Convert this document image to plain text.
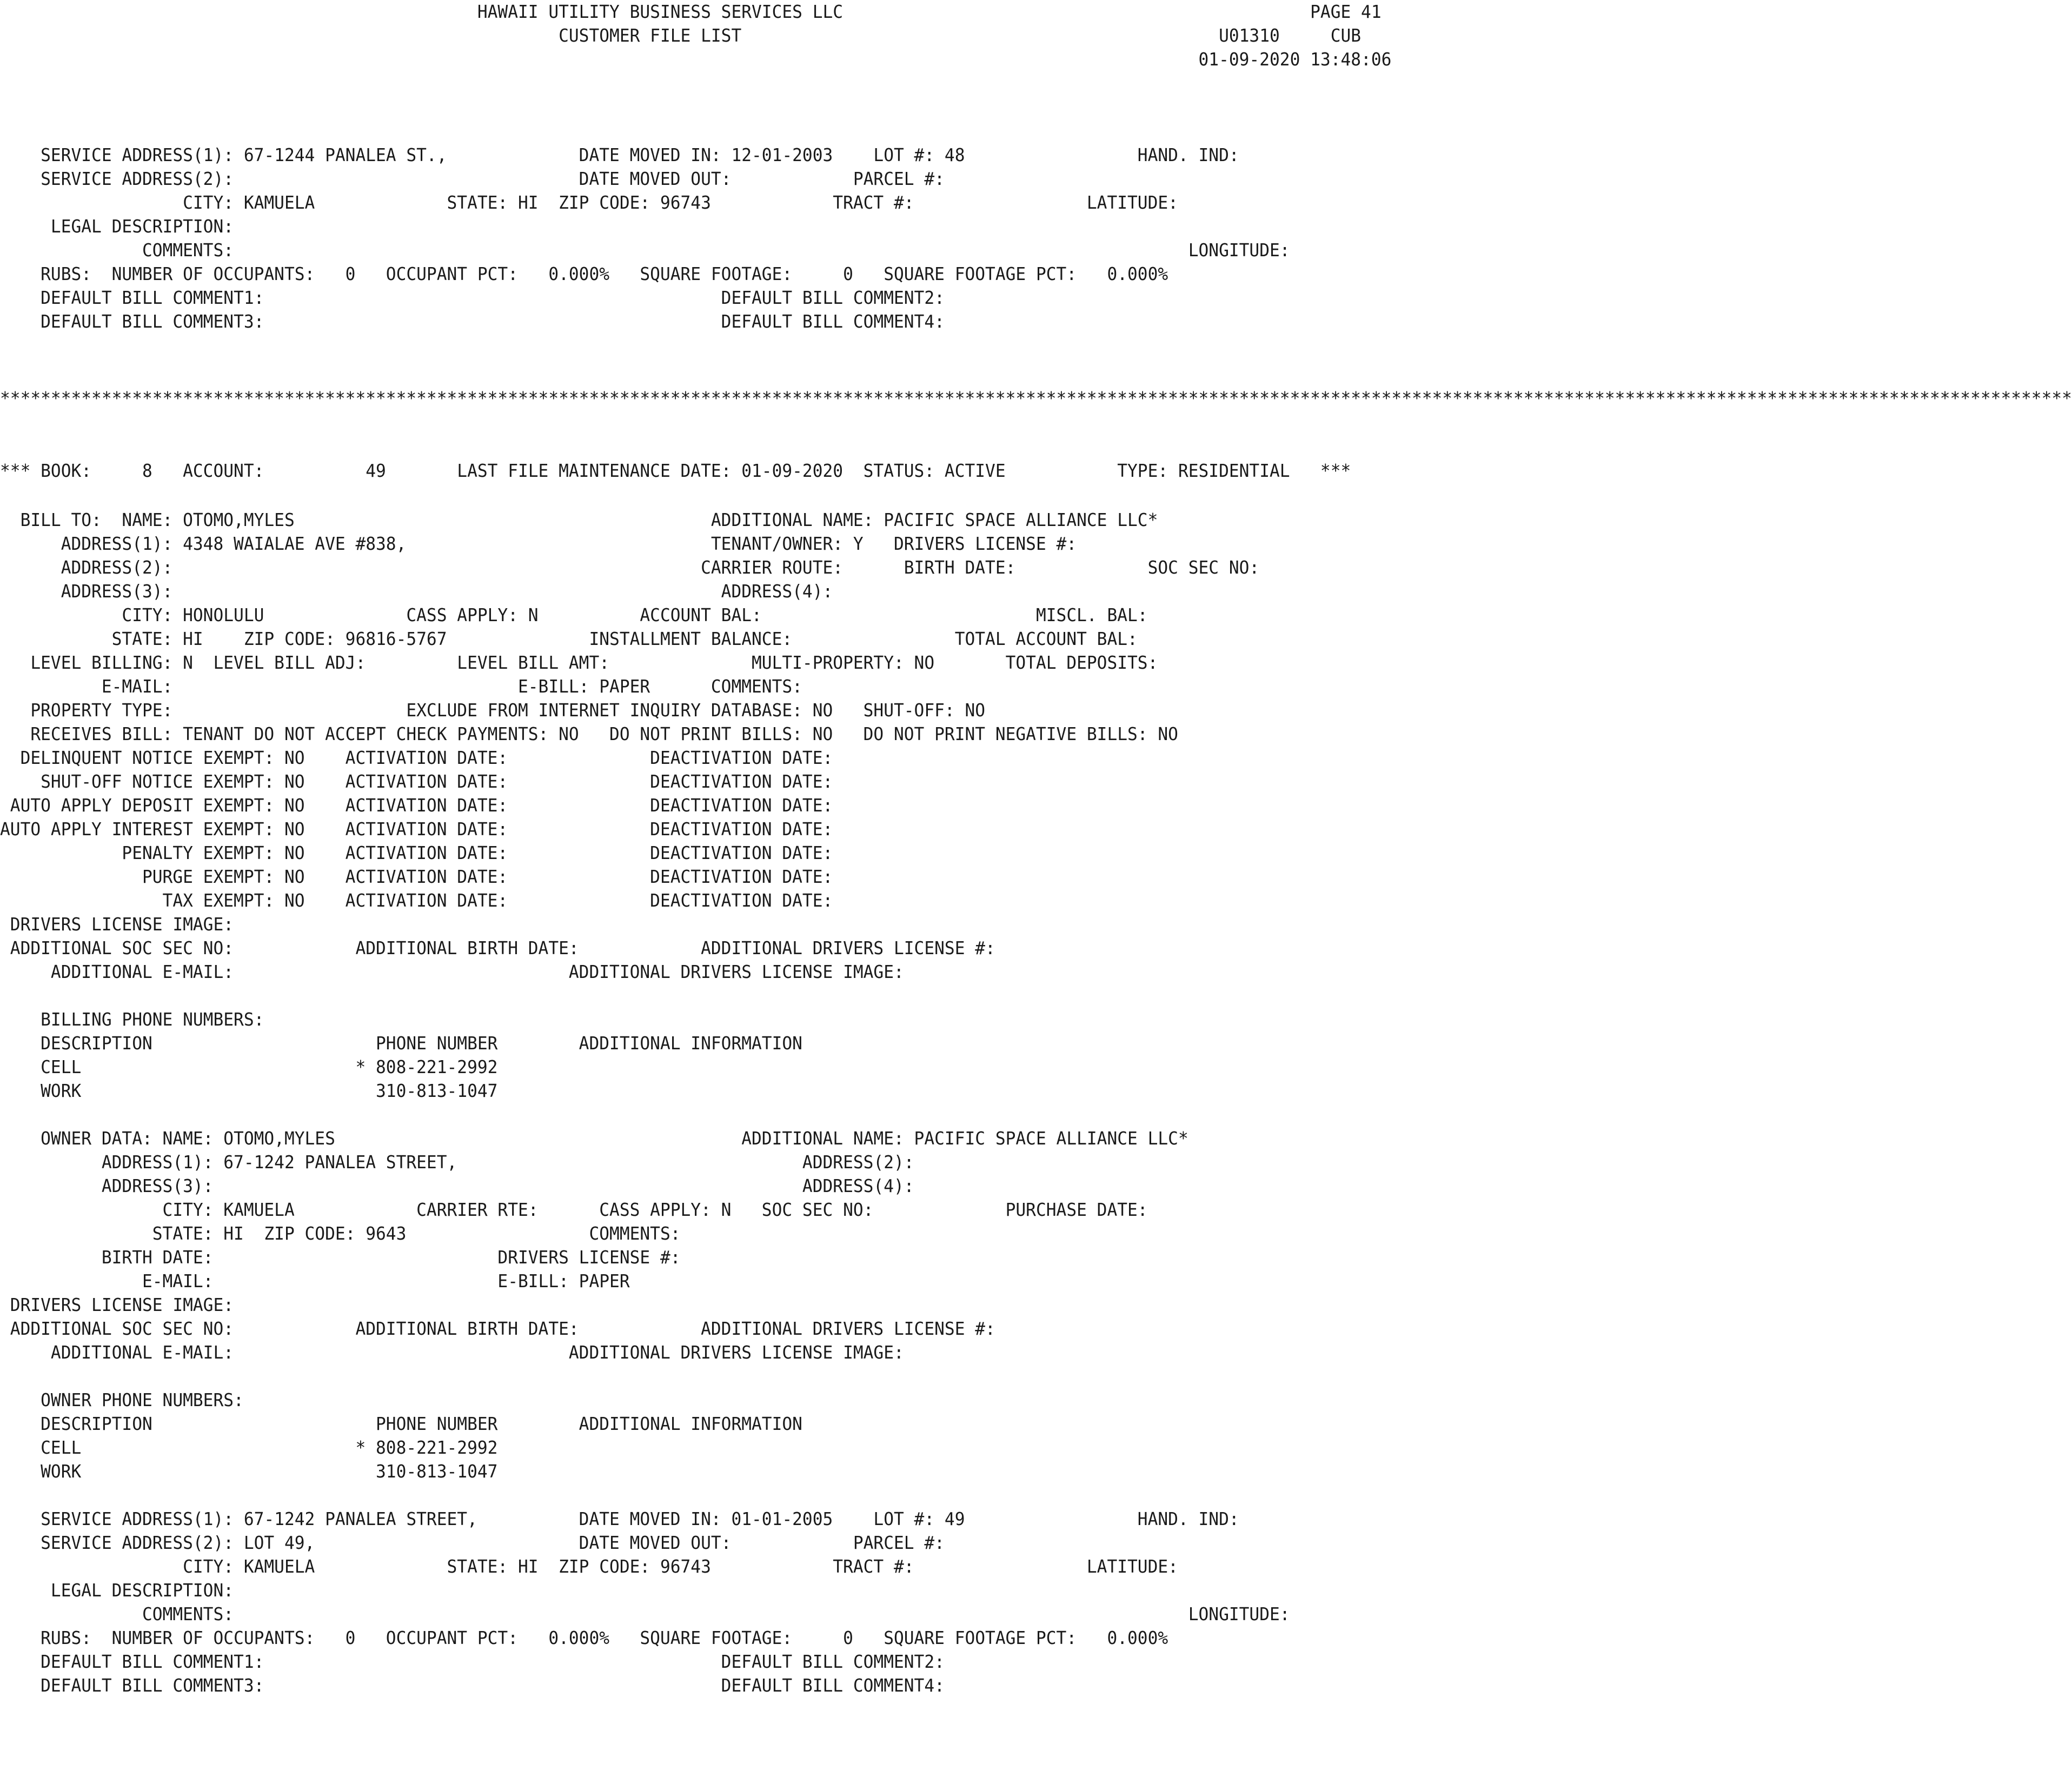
HAWAII UTILITY BUSINESS SERVICES LLC                                              PAGE 41
CUSTOMER FILE LIST                                               U01310     CUB
01-09-2020 13:48:06
SERVICE ADDRESS(1): 67-1244 PANALEA ST.,             DATE MOVED IN: 12-01-2003    LOT #: 48                 HAND. IND:
SERVICE ADDRESS(2):                                  DATE MOVED OUT:            PARCEL #:
CITY: KAMUELA             STATE: HI  ZIP CODE: 96743            TRACT #:                 LATITUDE:
LEGAL DESCRIPTION:
COMMENTS:                                                                                              LONGITUDE:
RUBS:  NUMBER OF OCCUPANTS:   0   OCCUPANT PCT:   0.000%   SQUARE FOOTAGE:     0   SQUARE FOOTAGE PCT:   0.000%
DEFAULT BILL COMMENT1:                                             DEFAULT BILL COMMENT2:
DEFAULT BILL COMMENT3:                                             DEFAULT BILL COMMENT4:
************************************************************************************************************************************************************************************************************
*** BOOK:     8   ACCOUNT:          49       LAST FILE MAINTENANCE DATE: 01-09-2020  STATUS: ACTIVE           TYPE: RESIDENTIAL   ***
BILL TO:  NAME: OTOMO,MYLES                                         ADDITIONAL NAME: PACIFIC SPACE ALLIANCE LLC*
ADDRESS(1): 4348 WAIALAE AVE #838,                              TENANT/OWNER: Y   DRIVERS LICENSE #:
ADDRESS(2):                                                    CARRIER ROUTE:      BIRTH DATE:             SOC SEC NO:
ADDRESS(3):                                                      ADDRESS(4):
CITY: HONOLULU              CASS APPLY: N          ACCOUNT BAL:                           MISCL. BAL:
STATE: HI    ZIP CODE: 96816-5767              INSTALLMENT BALANCE:                TOTAL ACCOUNT BAL:
LEVEL BILLING: N  LEVEL BILL ADJ:         LEVEL BILL AMT:              MULTI-PROPERTY: NO       TOTAL DEPOSITS:
E-MAIL:                                  E-BILL: PAPER      COMMENTS:
PROPERTY TYPE:                       EXCLUDE FROM INTERNET INQUIRY DATABASE: NO   SHUT-OFF: NO
RECEIVES BILL: TENANT DO NOT ACCEPT CHECK PAYMENTS: NO   DO NOT PRINT BILLS: NO   DO NOT PRINT NEGATIVE BILLS: NO
DELINQUENT NOTICE EXEMPT: NO    ACTIVATION DATE:              DEACTIVATION DATE:
SHUT-OFF NOTICE EXEMPT: NO    ACTIVATION DATE:              DEACTIVATION DATE:
AUTO APPLY DEPOSIT EXEMPT: NO    ACTIVATION DATE:              DEACTIVATION DATE:
AUTO APPLY INTEREST EXEMPT: NO    ACTIVATION DATE:              DEACTIVATION DATE:
PENALTY EXEMPT: NO    ACTIVATION DATE:              DEACTIVATION DATE:
PURGE EXEMPT: NO    ACTIVATION DATE:              DEACTIVATION DATE:
TAX EXEMPT: NO    ACTIVATION DATE:              DEACTIVATION DATE:
DRIVERS LICENSE IMAGE:
ADDITIONAL SOC SEC NO:            ADDITIONAL BIRTH DATE:            ADDITIONAL DRIVERS LICENSE #:
ADDITIONAL E-MAIL:                                 ADDITIONAL DRIVERS LICENSE IMAGE:
BILLING PHONE NUMBERS:
DESCRIPTION                      PHONE NUMBER        ADDITIONAL INFORMATION
CELL                           * 808-221-2992
WORK                             310-813-1047
OWNER DATA: NAME: OTOMO,MYLES                                        ADDITIONAL NAME: PACIFIC SPACE ALLIANCE LLC*
ADDRESS(1): 67-1242 PANALEA STREET,                                  ADDRESS(2):
ADDRESS(3):                                                          ADDRESS(4):
CITY: KAMUELA            CARRIER RTE:      CASS APPLY: N   SOC SEC NO:             PURCHASE DATE:
STATE: HI  ZIP CODE: 9643                  COMMENTS:
BIRTH DATE:                            DRIVERS LICENSE #:
E-MAIL:                            E-BILL: PAPER
DRIVERS LICENSE IMAGE:
ADDITIONAL SOC SEC NO:            ADDITIONAL BIRTH DATE:            ADDITIONAL DRIVERS LICENSE #:
ADDITIONAL E-MAIL:                                 ADDITIONAL DRIVERS LICENSE IMAGE:
OWNER PHONE NUMBERS:
DESCRIPTION                      PHONE NUMBER        ADDITIONAL INFORMATION
CELL                           * 808-221-2992
WORK                             310-813-1047
SERVICE ADDRESS(1): 67-1242 PANALEA STREET,          DATE MOVED IN: 01-01-2005    LOT #: 49                 HAND. IND:
SERVICE ADDRESS(2): LOT 49,                          DATE MOVED OUT:            PARCEL #:
CITY: KAMUELA             STATE: HI  ZIP CODE: 96743            TRACT #:                 LATITUDE:
LEGAL DESCRIPTION:
COMMENTS:                                                                                              LONGITUDE:
RUBS:  NUMBER OF OCCUPANTS:   0   OCCUPANT PCT:   0.000%   SQUARE FOOTAGE:     0   SQUARE FOOTAGE PCT:   0.000%
DEFAULT BILL COMMENT1:                                             DEFAULT BILL COMMENT2:
DEFAULT BILL COMMENT3:                                             DEFAULT BILL COMMENT4:
